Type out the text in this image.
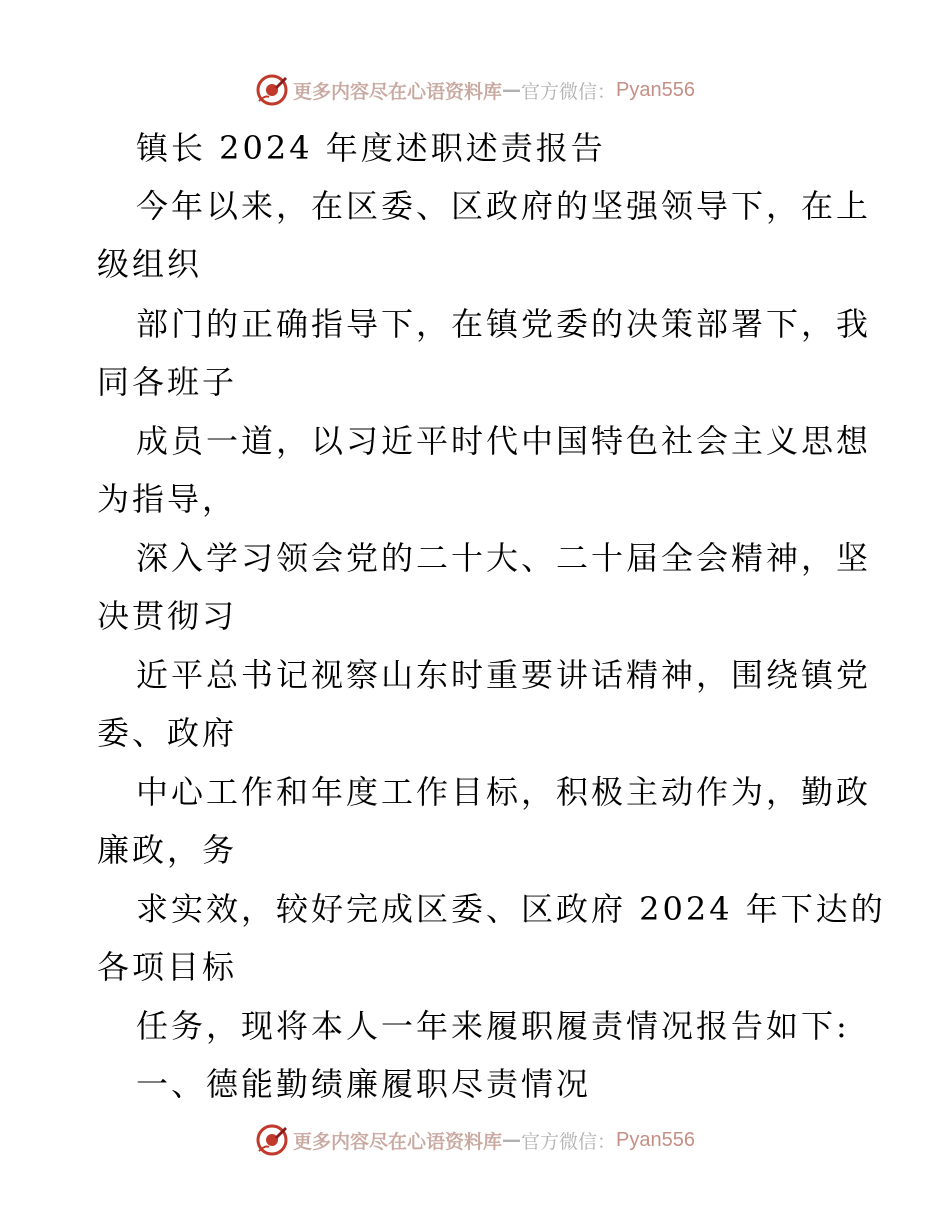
更多内容尽在心语资料库 — 官方微信： Pyan556
镇长 2024 年度述职述责报告
今年以来，在区委、区政府的坚强领导下，在上
级组织
部门的正确指导下，在镇党委的决策部署下，我
同各班子
成员一道，以习近平时代中国特色社会主义思想
为指导，
深入学习领会党的二十大、二十届全会精神，坚
决贯彻习
近平总书记视察山东时重要讲话精神，围绕镇党
委、政府
中心工作和年度工作目标，积极主动作为，勤政
廉政，务
求实效，较好完成区委、区政府 2024 年下达的
各项目标
任务，现将本人一年来履职履责情况报告如下:
一、德能勤绩廉履职尽责情况
更多内容尽在心语资料库 — 官方微信： Pyan556
